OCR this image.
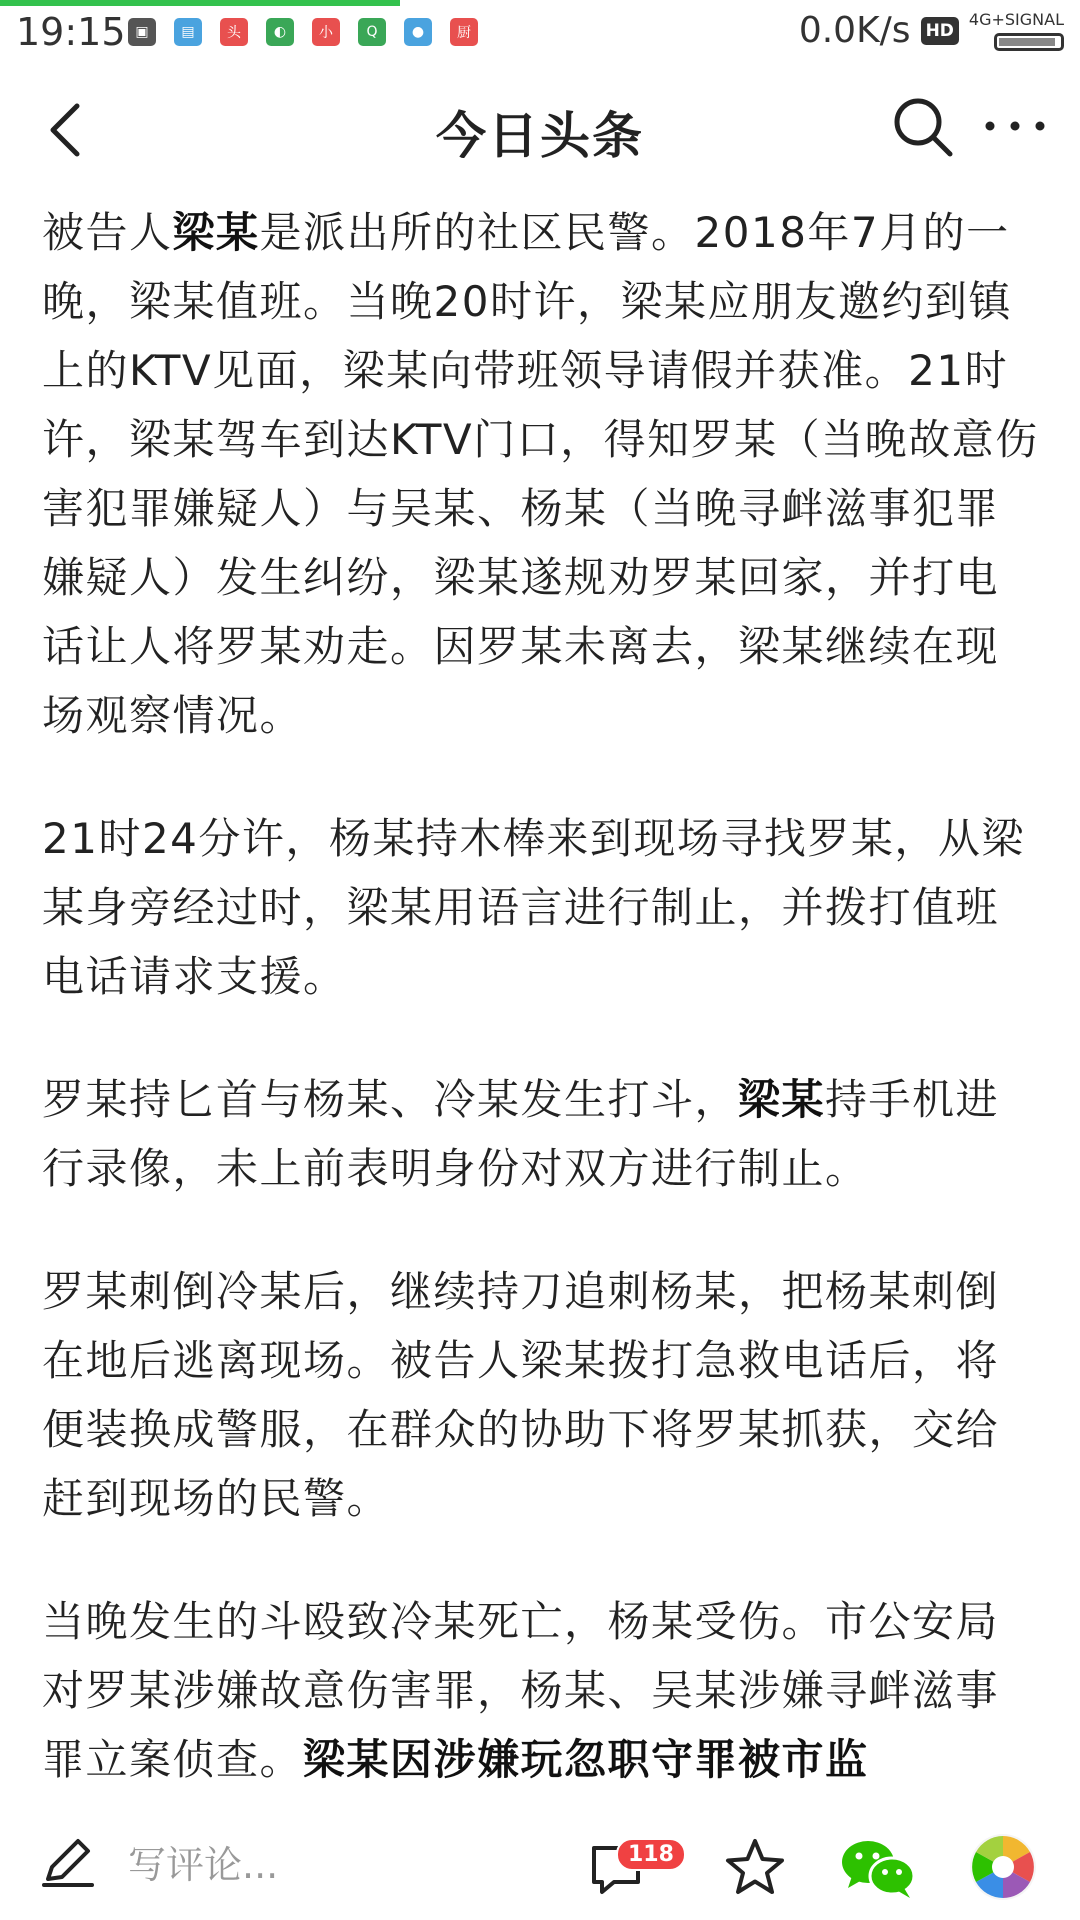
19:15 ▣	▤	头	◐	小	Q	●	厨	0.0K/s HD
4G+SIGNAL
今日头条

被告人梁某是派出所的社区民警。2018年7月的一晚，梁某值班。当晚20时许，梁某应朋友邀约到镇上的KTV见面，梁某向带班领导请假并获准。21时许，梁某驾车到达KTV门口，得知罗某（当晚故意伤害犯罪嫌疑人）与吴某、杨某（当晚寻衅滋事犯罪嫌疑人）发生纠纷，梁某遂规劝罗某回家，并打电话让人将罗某劝走。因罗某未离去，梁某继续在现场观察情况。

21时24分许，杨某持木棒来到现场寻找罗某，从梁某身旁经过时，梁某用语言进行制止，并拨打值班电话请求支援。

罗某持匕首与杨某、冷某发生打斗，梁某持手机进行录像，未上前表明身份对双方进行制止。

罗某刺倒冷某后，继续持刀追刺杨某，把杨某刺倒在地后逃离现场。被告人梁某拨打急救电话后，将便装换成警服，在群众的协助下将罗某抓获，交给赶到现场的民警。

当晚发生的斗殴致冷某死亡，杨某受伤。市公安局对罗某涉嫌故意伤害罪，杨某、吴某涉嫌寻衅滋事罪立案侦查。梁某因涉嫌玩忽职守罪被市监

写评论...	118
